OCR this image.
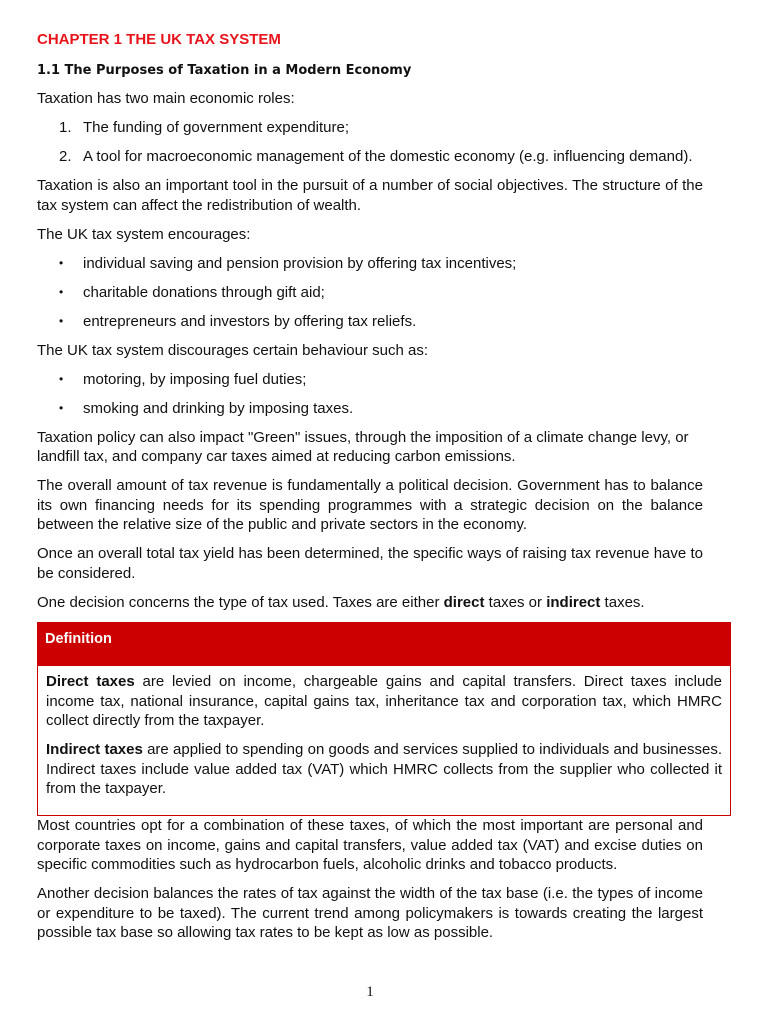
CHAPTER 1 THE UK TAX SYSTEM

1.1 The Purposes of Taxation in a Modern Economy

Taxation has two main economic roles:

1. The funding of government expenditure;
2. A tool for macroeconomic management of the domestic economy (e.g. influencing demand).

Taxation is also an important tool in the pursuit of a number of social objectives. The structure of the tax system can affect the redistribution of wealth.

The UK tax system encourages:

• individual saving and pension provision by offering tax incentives;
• charitable donations through gift aid;
• entrepreneurs and investors by offering tax reliefs.

The UK tax system discourages certain behaviour such as:

• motoring, by imposing fuel duties;
• smoking and drinking by imposing taxes.

Taxation policy can also impact "Green" issues, through the imposition of a climate change levy, or landfill tax, and company car taxes aimed at reducing carbon emissions.

The overall amount of tax revenue is fundamentally a political decision. Government has to balance its own financing needs for its spending programmes with a strategic decision on the balance between the relative size of the public and private sectors in the economy.

Once an overall total tax yield has been determined, the specific ways of raising tax revenue have to be considered.

One decision concerns the type of tax used. Taxes are either direct taxes or indirect taxes.

Definition

Direct taxes are levied on income, chargeable gains and capital transfers. Direct taxes include income tax, national insurance, capital gains tax, inheritance tax and corporation tax, which HMRC collect directly from the taxpayer.

Indirect taxes are applied to spending on goods and services supplied to individuals and businesses. Indirect taxes include value added tax (VAT) which HMRC collects from the supplier who collected it from the taxpayer.

Most countries opt for a combination of these taxes, of which the most important are personal and corporate taxes on income, gains and capital transfers, value added tax (VAT) and excise duties on specific commodities such as hydrocarbon fuels, alcoholic drinks and tobacco products.

Another decision balances the rates of tax against the width of the tax base (i.e. the types of income or expenditure to be taxed). The current trend among policymakers is towards creating the largest possible tax base so allowing tax rates to be kept as low as possible.

1
